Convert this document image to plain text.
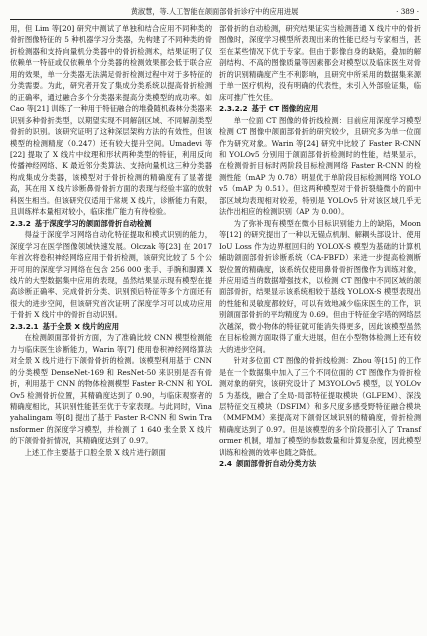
黄淑慧，等.人工智能在颌面部骨折诊疗中的应用进展	· 389 ·

用，但 Lim 等[20] 研究中测试了单独和结合应用不同种类的骨折图像特征的 5 种机器学习分类器，先构建了不同种类的骨折检测器和支持向量机分类器中的骨折检测术，结果证明了仅依赖单一特征或仅依赖单个分类器的检测效果都会低于联合应用的效果，单一分类器无法满足骨折检测过程中对于多特征的分类需要。为此，研究者开发了集成分类系统以提高骨折检测的正确率，通过融合多个分类器来提高分类模型的成功率。如 Cao 等[21] 训练了一种用于特征融合的堆叠随机森林分类器来识别多种骨折类型，以期望实现不同解剖区域、不同解剖类型骨折的识别。该研究证明了这种深层架构方法的有效性，但该模型的检测精度（0.247）还有较大提升空间。Umadevi 等[22] 提取了 X 线片中纹理和形状两种类型的特征，利用反向传播神经网络、K 最近邻分类算法、支持向量机这三种分类器构成集成分类器，该模型对于骨折检测的精确度有了显著提高，其在用 X 线片诊断鼻骨骨折方面的表现与经验丰富的放射科医生相当。但该研究仅适用于常规 X 线片，诊断能力有限，且训练样本量相对较小，临床推广能力有待检验。

2.3.2 基于深度学习的颌面部骨折自动检测

得益于深度学习网络自动化特征提取和模式识别的能力，深度学习在医学图像领域快速发展。Olczak 等[23] 在 2017 年首次将卷积神经网络应用于骨折检测，该研究比较了 5 个公开可用的深度学习网络在包含 256 000 张手、手腕和脚踝 X 线片的大型数据集中应用的表现，虽然结果显示现有模型在提高诊断正确率、完成骨折分类、识别预后特征等多个方面还有很大的进步空间，但该研究首次证明了深度学习可以成功应用于骨折 X 线片中的骨折自动识别。

2.3.2.1 基于全景 X 线片的应用

在检测颌面部骨折方面，为了准确比较 CNN 模型检测能力与临床医生诊断能力，Warin 等[7] 使用卷积神经网络算法对全景 X 线片进行下颌骨骨折的检测。该模型利用基于 CNN 的分类模型 DenseNet-169 和 ResNet-50 来识别是否有骨折，利用基于 CNN 的物体检测模型 Faster R-CNN 和 YOLOv5 检测骨折位置，其精确度达到了 0.90，与临床观察者的精确度相比，其识别性能甚至优于专家表现。与此同时，Vinayahalingam 等[8] 提出了基于 Faster R-CNN 和 Swin Transformer 的深度学习模型，并检测了 1 640 张全景 X 线片的下颌骨骨折情况，其精确度达到了 0.97。

上述工作主要基于口腔全景 X 线片进行颌面

部骨折的自动检测，研究结果证实当检测普通 X 线片中的骨折图像时，深度学习模型所表现出来的性能已经与专家相当，甚至在某些情况下优于专家。但由于影像自身的缺陷，叠加的解剖结构、不高的图像质量等因素都会对模型以及临床医生对骨折的识别精确度产生不利影响，且研究中所采用的数据集来源于单一医疗机构，没有明确的代表性，未引入外部验证集，临床可推广性欠佳。

2.3.2.2 基于 CT 图像的应用

单一位面 CT 图像的骨折线检测：目前应用深度学习模型检测 CT 图像中颌面部骨折的研究较少，且研究多为单一位面作为研究对象。Warin 等[24] 研究中比较了 Faster R-CNN 和 YOLOv5 分别用于颌面部骨折检测时的性能，结果显示，在检测骨折目标时两阶段目标检测网络 Faster R-CNN 的检测性能（mAP 为 0.78）明显优于单阶段目标检测网络 YOLOv5（mAP 为 0.51）。但这两种模型对于骨折裂缝微小的面中部区域均表现相对较差，特别是 YOLOv5 针对该区域几乎无法作出相应的检测识别（AP 为 0.00）。

为了弥补现有模型在微小目标识别能力上的缺陷，Moon 等[12] 的研究提出了一种以无锚点机制、解耦头部设计、使用 IoU Loss 作为边界框回归的 YOLOX-S 模型为基础的计算机辅助颌面部骨折诊断系统（CA-FBFD）来进一步提高检测断裂位置的精确度，该系统仅使用鼻骨骨折图像作为训练对象，并应用适当的数据增强技术，以检测 CT 图像中不同区域的颌面部骨折，结果显示该系统相较于基线 YOLOX-S 模型表现出的性能和灵敏度都较好，可以有效地减少临床医生的工作，识别颌面部骨折的平均精度为 0.69。但由于特征金字塔的网络层次越深，微小物体的特征就可能消失得更多，因此该模型虽然在目标检测方面取得了重大进展，但在小型物体检测上还有较大的进步空间。

针对多位面 CT 图像的骨折线检测：Zhou 等[15] 的工作是在一个数据集中加入了三个不同位面的 CT 图像作为骨折检测对象的研究，该研究设计了 M3YOLOv5 模型，以 YOLOv5 为基线，融合了全局-局部特征提取模块（GLFEM）、深浅层特征交互模块（DSFIM）和多尺度多感受野特征融合模块（MMFMM）来提高对下颌骨区域识别的精确度，骨折检测精确度达到了 0.97。但是该模型的多个阶段都引入了 Transformer 机制，增加了模型的参数数量和计算复杂度，因此模型训练和检测的效率也随之降低。

2.4 颌面部骨折自动分类方法
